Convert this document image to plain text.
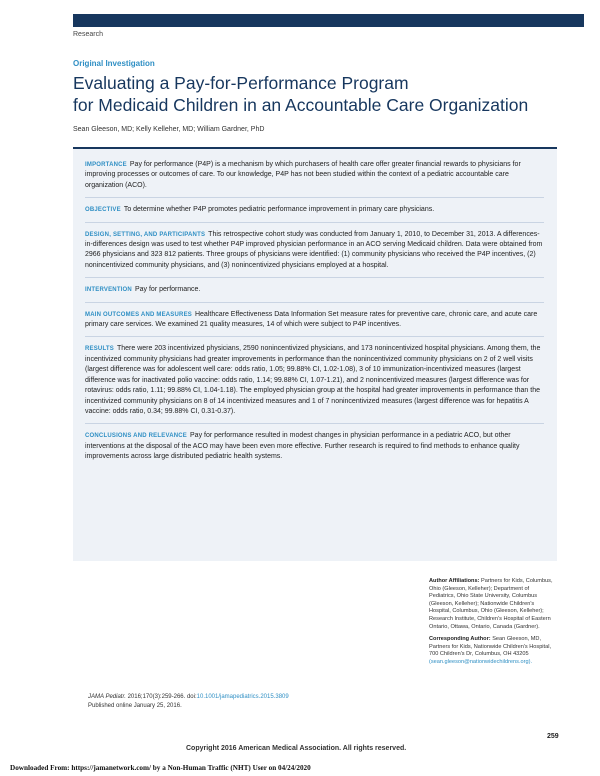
Research
Original Investigation
Evaluating a Pay-for-Performance Program
for Medicaid Children in an Accountable Care Organization
Sean Gleeson, MD; Kelly Kelleher, MD; William Gardner, PhD

IMPORTANCE Pay for performance (P4P) is a mechanism by which purchasers of health care offer greater financial rewards to physicians for improving processes or outcomes of care. To our knowledge, P4P has not been studied within the context of a pediatric accountable care organization (ACO).

OBJECTIVE To determine whether P4P promotes pediatric performance improvement in primary care physicians.

DESIGN, SETTING, AND PARTICIPANTS This retrospective cohort study was conducted from January 1, 2010, to December 31, 2013. A differences-in-differences design was used to test whether P4P improved physician performance in an ACO serving Medicaid children. Data were obtained from 2966 physicians and 323 812 patients. Three groups of physicians were identified: (1) community physicians who received the P4P incentives, (2) nonincentivized community physicians, and (3) nonincentivized physicians employed at a hospital.

INTERVENTION Pay for performance.

MAIN OUTCOMES AND MEASURES Healthcare Effectiveness Data Information Set measure rates for preventive care, chronic care, and acute care primary care services. We examined 21 quality measures, 14 of which were subject to P4P incentives.

RESULTS There were 203 incentivized physicians, 2590 nonincentivized physicians, and 173 nonincentivized hospital physicians. Among them, the incentivized community physicians had greater improvements in performance than the nonincentivized community physicians on 2 of 2 well visits (largest difference was for adolescent well care: odds ratio, 1.05; 99.88% CI, 1.02-1.08), 3 of 10 immunization-incentivized measures (largest difference was for inactivated polio vaccine: odds ratio, 1.14; 99.88% CI, 1.07-1.21), and 2 nonincentivized measures (largest difference was for rotavirus: odds ratio, 1.11; 99.88% CI, 1.04-1.18). The employed physician group at the hospital had greater improvements in performance than the incentivized community physicians on 8 of 14 incentivized measures and 1 of 7 nonincentivized measures (largest difference was for hepatitis A vaccine: odds ratio, 0.34; 99.88% CI, 0.31-0.37).

CONCLUSIONS AND RELEVANCE Pay for performance resulted in modest changes in physician performance in a pediatric ACO, but other interventions at the disposal of the ACO may have been even more effective. Further research is required to find methods to enhance quality improvements across large distributed pediatric health systems.

Author Affiliations: Partners for Kids, Columbus, Ohio (Gleeson, Kelleher); Department of Pediatrics, Ohio State University, Columbus (Gleeson, Kelleher); Nationwide Children's Hospital, Columbus, Ohio (Gleeson, Kelleher); Research Institute, Children's Hospital of Eastern Ontario, Ottawa, Ontario, Canada (Gardner).
Corresponding Author: Sean Gleeson, MD, Partners for Kids, Nationwide Children's Hospital, 700 Children's Dr, Columbus, OH 43205 (sean.gleeson@nationwidechildrens.org).
JAMA Pediatr. 2016;170(3):259-266. doi:10.1001/jamapediatrics.2015.3809
Published online January 25, 2016.
259
Copyright 2016 American Medical Association. All rights reserved.
Downloaded From: https://jamanetwork.com/ by a Non-Human Traffic (NHT) User on 04/24/2020
